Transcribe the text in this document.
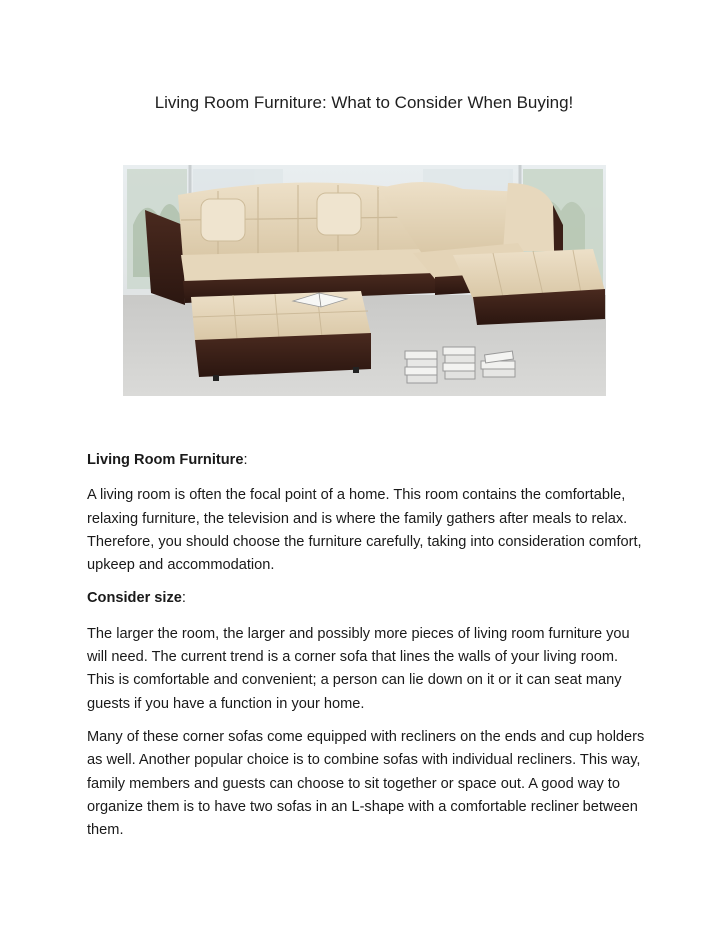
Living Room Furniture: What to Consider When Buying!

Living Room Furniture:

A living room is often the focal point of a home. This room contains the comfortable, relaxing furniture, the television and is where the family gathers after meals to relax. Therefore, you should choose the furniture carefully, taking into consideration comfort, upkeep and accommodation.

Consider size:

The larger the room, the larger and possibly more pieces of living room furniture you will need. The current trend is a corner sofa that lines the walls of your living room. This is comfortable and convenient; a person can lie down on it or it can seat many guests if you have a function in your home.

Many of these corner sofas come equipped with recliners on the ends and cup holders as well. Another popular choice is to combine sofas with individual recliners. This way, family members and guests can choose to sit together or space out. A good way to organize them is to have two sofas in an L-shape with a comfortable recliner between them.
